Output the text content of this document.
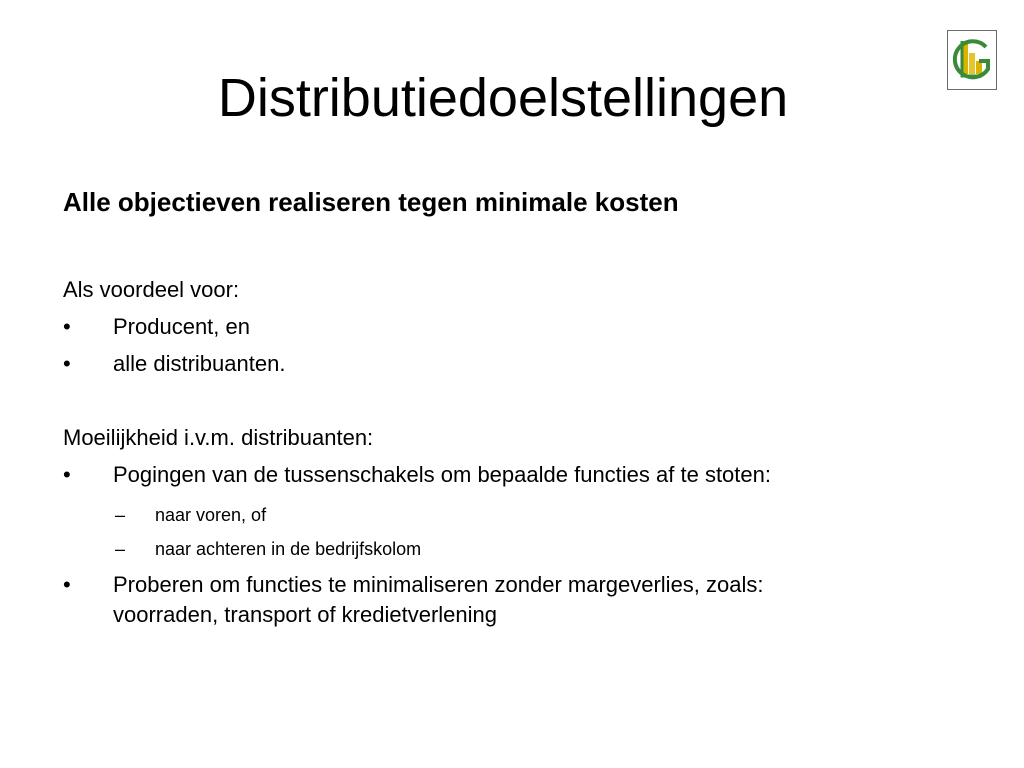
Distributiedoelstellingen

Alle objectieven realiseren tegen minimale kosten

Als voordeel voor:
• Producent, en
• alle distribuanten.
Moeilijkheid i.v.m. distribuanten:
• Pogingen van de tussenschakels om bepaalde functies af te stoten:
– naar voren, of
– naar achteren in de bedrijfskolom
• Proberen om functies te minimaliseren zonder margeverlies, zoals:
voorraden, transport of kredietverlening
